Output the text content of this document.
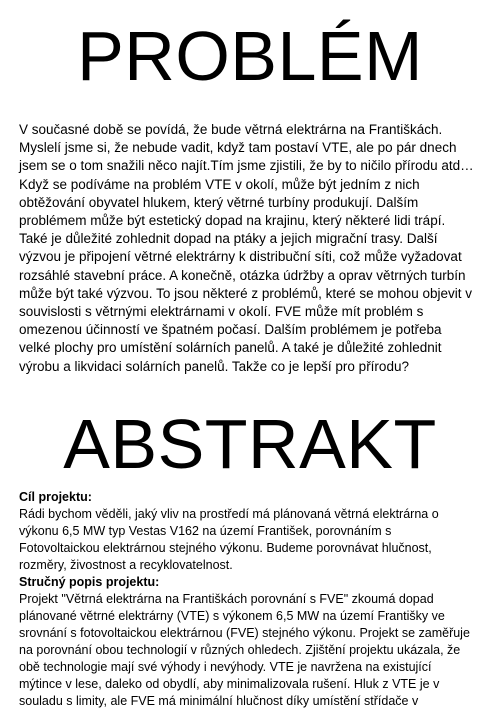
PROBLÉM
V současné době se povídá, že bude větrná elektrárna na Františkách.
Myslelí jsme si, že nebude vadit, když tam postaví VTE, ale po pár dnech
jsem se o tom snažili něco najít.Tím jsme zjistili, že by to ničilo přírodu atd…
Když se podíváme na problém VTE v okolí, může být jedním z nich
obtěžování obyvatel hlukem, který větrné turbíny produkují. Dalším
problémem může být estetický dopad na krajinu, který některé lidi trápí.
Také je důležité zohlednit dopad na ptáky a jejich migrační trasy. Další
výzvou je připojení větrné elektrárny k distribuční síti, což může vyžadovat
rozsáhlé stavební práce. A konečně, otázka údržby a oprav větrných turbín
může být také výzvou. To jsou některé z problémů, které se mohou objevit v
souvislosti s větrnými elektrárnami v okolí. FVE může mít problém s
omezenou účinností ve špatném počasí. Dalším problémem je potřeba
velké plochy pro umístění solárních panelů. A také je důležité zohlednit
výrobu a likvidaci solárních panelů. Takže co je lepší pro přírodu?
ABSTRAKT
Cíl projektu:
Rádi bychom věděli, jaký vliv na prostředí má plánovaná větrná elektrárna o
výkonu 6,5 MW typ Vestas V162 na území František, porovnáním s
Fotovoltaickou elektrárnou stejného výkonu. Budeme porovnávat hlučnost,
rozměry, živostnost a recyklovatelnost.
Stručný popis projektu:
Projekt "Větrná elektrárna na Františkách porovnání s FVE" zkoumá dopad
plánované větrné elektrárny (VTE) s výkonem 6,5 MW na území Františky ve
srovnání s fotovoltaickou elektrárnou (FVE) stejného výkonu. Projekt se zaměřuje
na porovnání obou technologií v různých ohledech. Zjištění projektu ukázala, že
obě technologie mají své výhody i nevýhody. VTE je navržena na existující
mýtince v lese, daleko od obydlí, aby minimalizovala rušení. Hluk z VTE je v
souladu s limity, ale FVE má minimální hlučnost díky umístění střídače v
